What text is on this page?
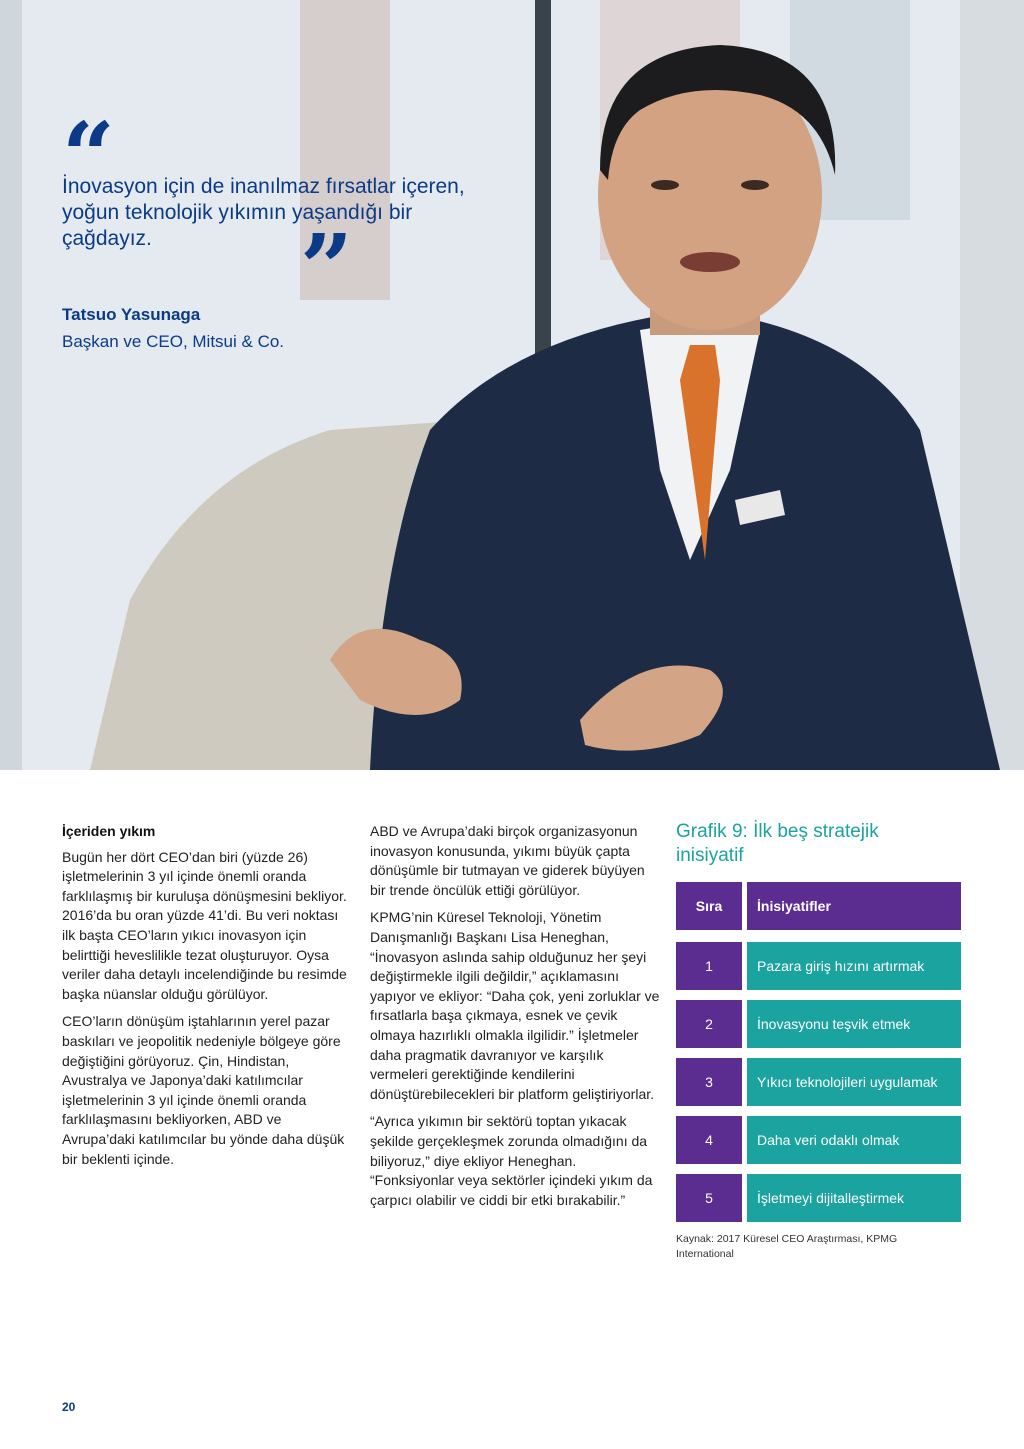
“
İnovasyon için de inanılmaz fırsatlar içeren, yoğun teknolojik yıkımın yaşandığı bir çağdayız.	”
Tatsuo Yasunaga
Başkan ve CEO, Mitsui & Co.
İçeriden yıkım

Bugün her dört CEO’dan biri (yüzde 26) işletmelerinin 3 yıl içinde önemli oranda farklılaşmış bir kuruluşa dönüşmesini bekliyor. 2016’da bu oran yüzde 41’di. Bu veri noktası ilk başta CEO’ların yıkıcı inovasyon için belirttiği heveslilikle tezat oluşturuyor. Oysa veriler daha detaylı incelendiğinde bu resimde başka nüanslar olduğu görülüyor.

CEO’ların dönüşüm iştahlarının yerel pazar baskıları ve jeopolitik nedeniyle bölgeye göre değiştiğini görüyoruz. Çin, Hindistan, Avustralya ve Japonya’daki katılımcılar işletmelerinin 3 yıl içinde önemli oranda farklılaşmasını bekliyorken, ABD ve Avrupa’daki katılımcılar bu yönde daha düşük bir beklenti içinde.

ABD ve Avrupa’daki birçok organizasyonun inovasyon konusunda, yıkımı büyük çapta dönüşümle bir tutmayan ve giderek büyüyen bir trende öncülük ettiği görülüyor.

KPMG’nin Küresel Teknoloji, Yönetim Danışmanlığı Başkanı Lisa Heneghan, “İnovasyon aslında sahip olduğunuz her şeyi değiştirmekle ilgili değildir,” açıklamasını yapıyor ve ekliyor: “Daha çok, yeni zorluklar ve fırsatlarla başa çıkmaya, esnek ve çevik olmaya hazırlıklı olmakla ilgilidir.” İşletmeler daha pragmatik davranıyor ve karşılık vermeleri gerektiğinde kendilerini dönüştürebilecekleri bir platform geliştiriyorlar.

“Ayrıca yıkımın bir sektörü toptan yıkacak şekilde gerçekleşmek zorunda olmadığını da biliyoruz,” diye ekliyor Heneghan. “Fonksiyonlar veya sektörler içindeki yıkım da çarpıcı olabilir ve ciddi bir etki bırakabilir.”

Grafik 9: İlk beş stratejik inisiyatif
Sıra	İnisiyatifler
1	Pazara giriş hızını artırmak
2	İnovasyonu teşvik etmek
3	Yıkıcı teknolojileri uygulamak
4	Daha veri odaklı olmak
5	İşletmeyi dijitalleştirmek
Kaynak: 2017 Küresel CEO Araştırması, KPMG International
20
